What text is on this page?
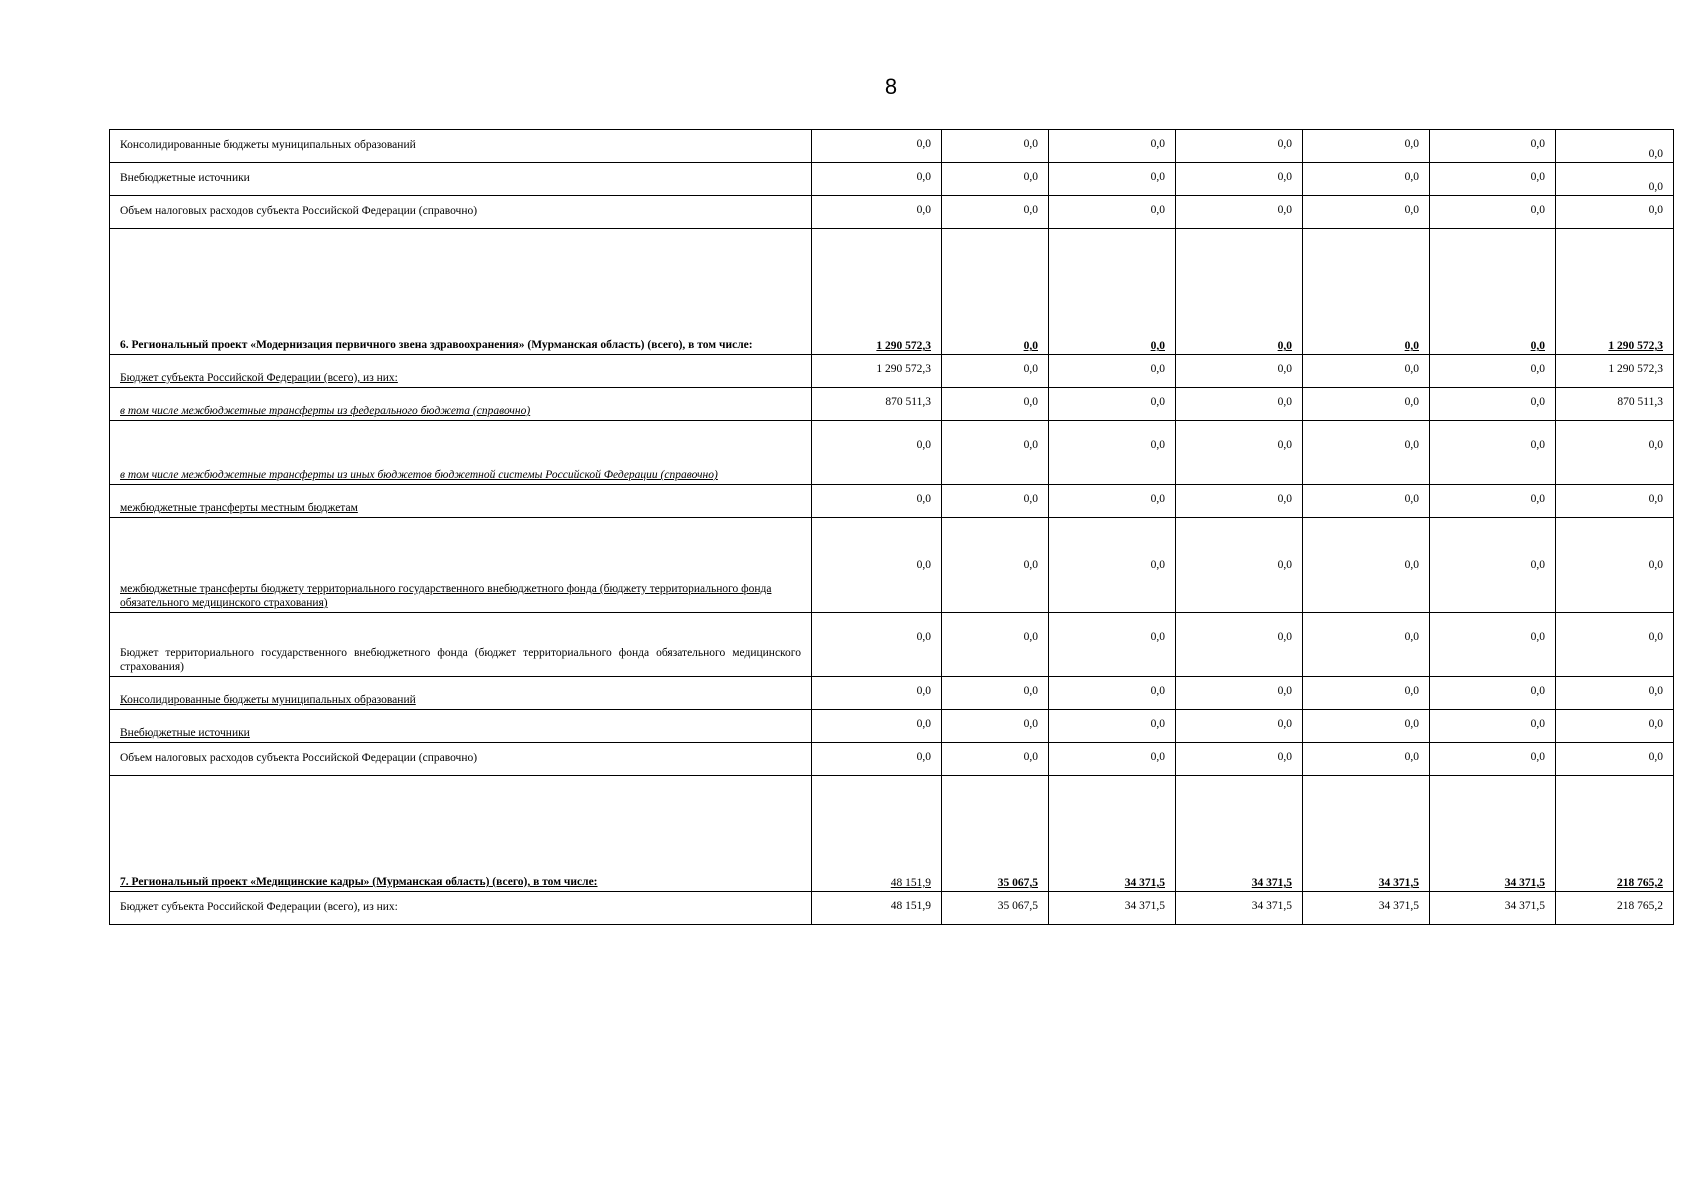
8
Консолидированные бюджеты муниципальных образований	0,0	0,0	0,0	0,0	0,0	0,0	0,0
Внебюджетные источники	0,0	0,0	0,0	0,0	0,0	0,0	0,0
Объем налоговых расходов субъекта Российской Федерации (справочно)	0,0	0,0	0,0	0,0	0,0	0,0	0,0
6. Региональный проект «Модернизация первичного звена здравоохранения» (Мурманская область) (всего), в том числе:	1 290 572,3	0,0	0,0	0,0	0,0	0,0	1 290 572,3
Бюджет субъекта Российской Федерации (всего), из них:	1 290 572,3	0,0	0,0	0,0	0,0	0,0	1 290 572,3
в том числе межбюджетные трансферты из федерального бюджета (справочно)	870 511,3	0,0	0,0	0,0	0,0	0,0	870 511,3
в том числе межбюджетные трансферты из иных бюджетов бюджетной системы Российской Федерации (справочно)	0,0	0,0	0,0	0,0	0,0	0,0	0,0
межбюджетные трансферты местным бюджетам	0,0	0,0	0,0	0,0	0,0	0,0	0,0
межбюджетные трансферты бюджету территориального государственного внебюджетного фонда (бюджету территориального фонда обязательного медицинского страхования)	0,0	0,0	0,0	0,0	0,0	0,0	0,0
Бюджет территориального государственного внебюджетного фонда (бюджет территориального фонда обязательного медицинского страхования)	0,0	0,0	0,0	0,0	0,0	0,0	0,0
Консолидированные бюджеты муниципальных образований	0,0	0,0	0,0	0,0	0,0	0,0	0,0
Внебюджетные источники	0,0	0,0	0,0	0,0	0,0	0,0	0,0
Объем налоговых расходов субъекта Российской Федерации (справочно)	0,0	0,0	0,0	0,0	0,0	0,0	0,0
7. Региональный проект «Медицинские кадры» (Мурманская область) (всего), в том числе:	48 151,9	35 067,5	34 371,5	34 371,5	34 371,5	34 371,5	218 765,2
Бюджет субъекта Российской Федерации (всего), из них:	48 151,9	35 067,5	34 371,5	34 371,5	34 371,5	34 371,5	218 765,2
